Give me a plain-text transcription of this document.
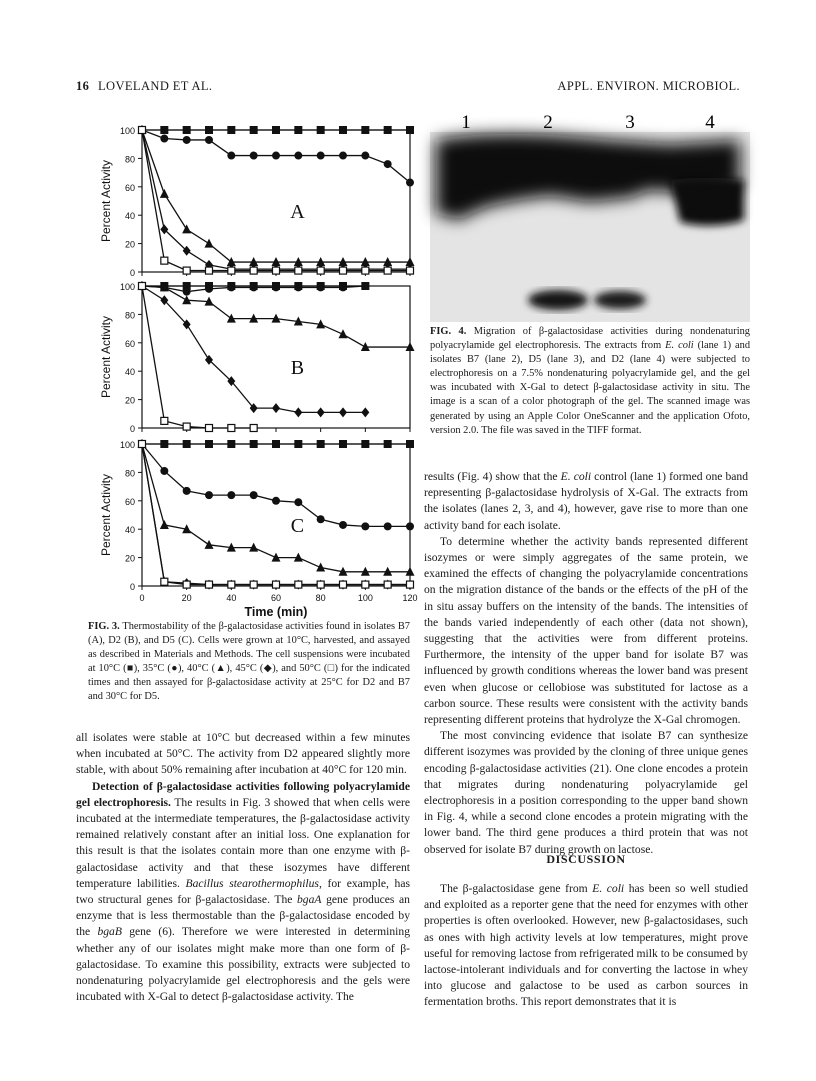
16 LOVELAND ET AL.	APPL. ENVIRON. MICROBIOL.
0
20
40
60
80
100
Percent Activity	A
0
20
40
60
80
100
Percent Activity	B
0
20
40
60
80
100
Percent Activity	C
0	20	40	60	80	100	120
Time (min)
FIG. 3. Thermostability of the β-galactosidase activities found in isolates B7 (A), D2 (B), and D5 (C). Cells were grown at 10°C, harvested, and assayed as described in Materials and Methods. The cell suspensions were incubated at 10°C (■), 35°C (●), 40°C (▲), 45°C (◆), and 50°C (□) for the indicated times and then assayed for β-galactosidase activity at 25°C for D2 and B7 and 30°C for D5.

all isolates were stable at 10°C but decreased within a few minutes when incubated at 50°C. The activity from D2 appeared slightly more stable, with about 50% remaining after incubation at 40°C for 120 min.

Detection of β-galactosidase activities following polyacrylamide gel electrophoresis. The results in Fig. 3 showed that when cells were incubated at the intermediate temperatures, the β-galactosidase activity remained relatively constant after an initial loss. One explanation for this result is that the isolates contain more than one enzyme with β-galactosidase activity and that these isozymes have different temperature labilities. Bacillus stearothermophilus, for example, has two structural genes for β-galactosidase. The bgaA gene produces an enzyme that is less thermostable than the β-galactosidase encoded by the bgaB gene (6). Therefore we were interested in determining whether any of our isolates might make more than one form of β-galactosidase. To examine this possibility, extracts were subjected to nondenaturing polyacrylamide gel electrophoresis and the gels were incubated with X-Gal to detect β-galactosidase activity. The

1	2	3	4
FIG. 4. Migration of β-galactosidase activities during nondenaturing polyacrylamide gel electrophoresis. The extracts from E. coli (lane 1) and isolates B7 (lane 2), D5 (lane 3), and D2 (lane 4) were subjected to electrophoresis on a 7.5% nondenaturing polyacrylamide gel, and the gel was incubated with X-Gal to detect β-galactosidase activity in situ. The image is a scan of a color photograph of the gel. The scanned image was generated by using an Apple Color OneScanner and the application Ofoto, version 2.0. The file was saved in the TIFF format.

results (Fig. 4) show that the E. coli control (lane 1) formed one band representing β-galactosidase hydrolysis of X-Gal. The extracts from the isolates (lanes 2, 3, and 4), however, gave rise to more than one activity band for each isolate.

To determine whether the activity bands represented different isozymes or were simply aggregates of the same protein, we examined the effects of changing the polyacrylamide concentrations on the migration distance of the bands or the effects of the pH of the in situ assay buffers on the intensity of the bands. The intensities of the bands varied independently of each other (data not shown), suggesting that the activities were from different proteins. Furthermore, the intensity of the upper band for isolate B7 was influenced by growth conditions whereas the lower band was present even when glucose or cellobiose was substituted for lactose as a carbon source. These results were consistent with the activity bands representing different proteins that hydrolyze the X-Gal chromogen.

The most convincing evidence that isolate B7 can synthesize different isozymes was provided by the cloning of three unique genes encoding β-galactosidase activities (21). One clone encodes a protein that migrates during nondenaturing polyacrylamide gel electrophoresis in a position corresponding to the upper band shown in Fig. 4, while a second clone encodes a protein migrating with the lower band. The third gene produces a third protein that was not observed for isolate B7 during growth on lactose.

DISCUSSION

The β-galactosidase gene from E. coli has been so well studied and exploited as a reporter gene that the need for enzymes with other properties is often overlooked. However, new β-galactosidases, such as ones with high activity levels at low temperatures, might prove useful for removing lactose from refrigerated milk to be consumed by lactose-intolerant individuals and for converting the lactose in whey into glucose and galactose to be used as carbon sources in fermentation broths. This report demonstrates that it is
